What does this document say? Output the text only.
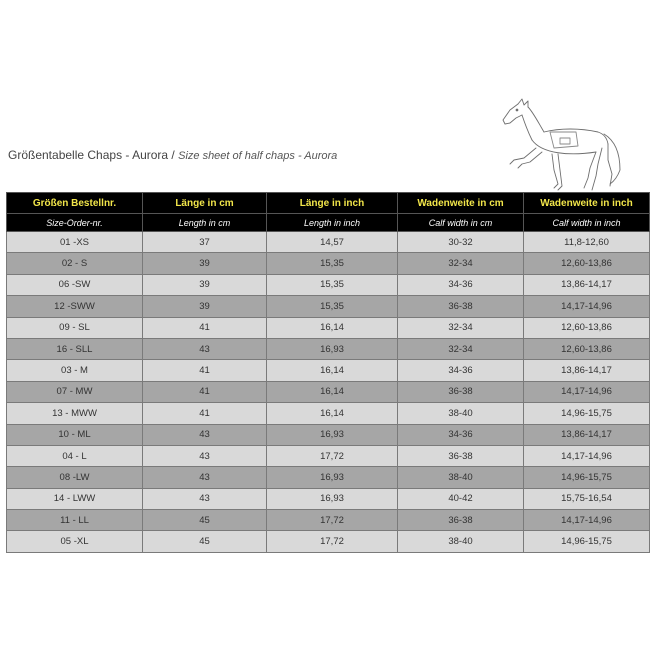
Größentabelle Chaps - Aurora / Size sheet of half chaps - Aurora
Größen Bestellnr.	Länge in cm	Länge in inch	Wadenweite in cm	Wadenweite in inch
Size-Order-nr.	Length in cm	Length in inch	Calf width in cm	Calf width in inch
01 -XS	37	14,57	30-32	11,8-12,60
02 - S	39	15,35	32-34	12,60-13,86
06 -SW	39	15,35	34-36	13,86-14,17
12 -SWW	39	15,35	36-38	14,17-14,96
09 - SL	41	16,14	32-34	12,60-13,86
16 - SLL	43	16,93	32-34	12,60-13,86
03 - M	41	16,14	34-36	13,86-14,17
07 - MW	41	16,14	36-38	14,17-14,96
13 - MWW	41	16,14	38-40	14,96-15,75
10 - ML	43	16,93	34-36	13,86-14,17
04 - L	43	17,72	36-38	14,17-14,96
08 -LW	43	16,93	38-40	14,96-15,75
14 - LWW	43	16,93	40-42	15,75-16,54
11 - LL	45	17,72	36-38	14,17-14,96
05 -XL	45	17,72	38-40	14,96-15,75
